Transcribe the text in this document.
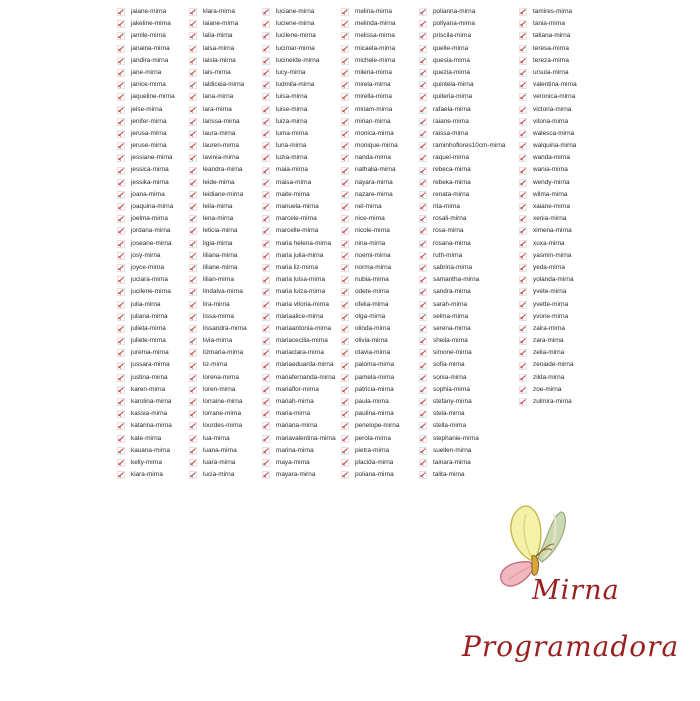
jaiane-mirna
jakeline-mirna
jamile-mirna
janaina-mirna
jandira-mirna
jane-mirna
janice-mirna
jaqueline-mirna
jeise-mirna
jenifer-mirna
jerusa-mirna
jeruse-mirna
jessiane-mirna
jessica-mirna
jessika-mirna
joana-mirna
joaquina-mirna
joelma-mirna
jordana-mirna
joseane-mirna
josy-mirna
joyce-mirna
juciara-mirna
jucilene-mirna
julia-mirna
juliana-mirna
julieta-mirna
juliete-mirna
jurema-mirna
jussara-mirna
justina-mirna
karen-mirna
karolina-mirna
kassia-mirna
katarina-mirna
kate-mirna
kauana-mirna
kelly-mirna
kiara-mirna
klara-mirna
laiane-mirna
laila-mirna
laisa-mirna
laisla-mirna
lais-mirna
laldiceia-mirna
lana-mirna
lara-mirna
larissa-mirna
laura-mirna
lauren-mirna
lavinia-mirna
leandra-mirna
leide-mirna
leidiane-mirna
leila-mirna
lena-mirna
leticia-mirna
ligia-mirna
liliana-mirna
liliane-mirna
lilian-mirna
lindalva-mirna
lira-mirna
lissa-mirna
lissandra-mirna
livia-mirna
lizmaria-mirna
liz-mirna
lorena-mirna
loren-mirna
lorraine-mirna
lorrane-mirna
lourdes-mirna
lua-mirna
luana-mirna
luara-mirna
lucia-mirna
luciane-mirna
luciene-mirna
lucilene-mirna
lucimar-mirna
lucineide-mirna
lucy-mirna
ludmila-mirna
luisa-mirna
luise-mirna
luiza-mirna
luma-mirna
luna-mirna
luzia-mirna
maia-mirna
maisa-mirna
maite-mirna
manuela-mirna
marcele-mirna
marcelle-mirna
maria helena-mirna
maria julia-mirna
maria liz-mirna
maria luisa-mirna
maria luiza-mirna
maria vitoria-mirna
mariaalice-mirna
mariaantonia-mirna
mariacecilia-mirna
mariaclara-mirna
mariaeduarda-mirna
mariafernanda-mirna
mariaflor-mirna
mariah-mirna
maria-mirna
mariana-mirna
mariavalentina-mirna
marina-mirna
maya-mirna
mayara-mirna
melina-mirna
melinda-mirna
melissa-mirna
micaela-mirna
michele-mirna
milena-mirna
mirela-mirna
mirella-mirna
miriam-mirna
mirian-mirna
monica-mirna
monique-mirna
nanda-mirna
nathalia-mirna
nayara-mirna
nazare-mirna
nel-mirna
nice-mirna
nicole-mirna
nina-mirna
noemi-mirna
norma-mirna
nubia-mirna
odete-mirna
ofelia-mirna
olga-mirna
olinda-mirna
olivia-mirna
otavia-mirna
paloma-mirna
pamela-mirna
patricia-mirna
paula-mirna
paulina-mirna
penelope-mirna
perola-mirna
pietra-mirna
placida-mirna
poliana-mirna
polianna-mirna
pollyana-mirna
priscila-mirna
quelle-mirna
quesia-mirna
quezia-mirna
quintela-mirna
quiteria-mirna
rafaela-mirna
raiane-mirna
raissa-mirna
raminhoflores10cm-mirna
raquel-mirna
rebeca-mirna
rebeka-mirna
renata-mirna
rita-mirna
rosali-mirna
rosa-mirna
rosana-mirna
ruth-mirna
sabrina-mirna
samantha-mirna
sandra-mirna
sarah-mirna
selma-mirna
serena-mirna
sheila-mirna
simone-mirna
sofia-mirna
sonia-mirna
sophia-mirna
stefany-mirna
stela-mirna
stella-mirna
stephanie-mirna
suellen-mirna
tainara-mirna
talita-mirna
tamires-mirna
tania-mirna
tatiana-mirna
teresa-mirna
tereza-mirna
ursula-mirna
valentina-mirna
veronica-mirna
victoria-mirna
vitoria-mirna
walesca-mirna
walquiria-mirna
wanda-mirna
wania-mirna
wendy-mirna
wilma-mirna
xaiane-mirna
xenia-mirna
ximena-mirna
xuxa-mirna
yasmin-mirna
yeda-mirna
yolanda-mirna
yvete-mirna
yvette-mirna
yvone-mirna
zaira-mirna
zara-mirna
zelia-mirna
zenaide-mirna
zilda-mirna
zoe-mirna
zulmira-mirna
Mirna
Programadora
